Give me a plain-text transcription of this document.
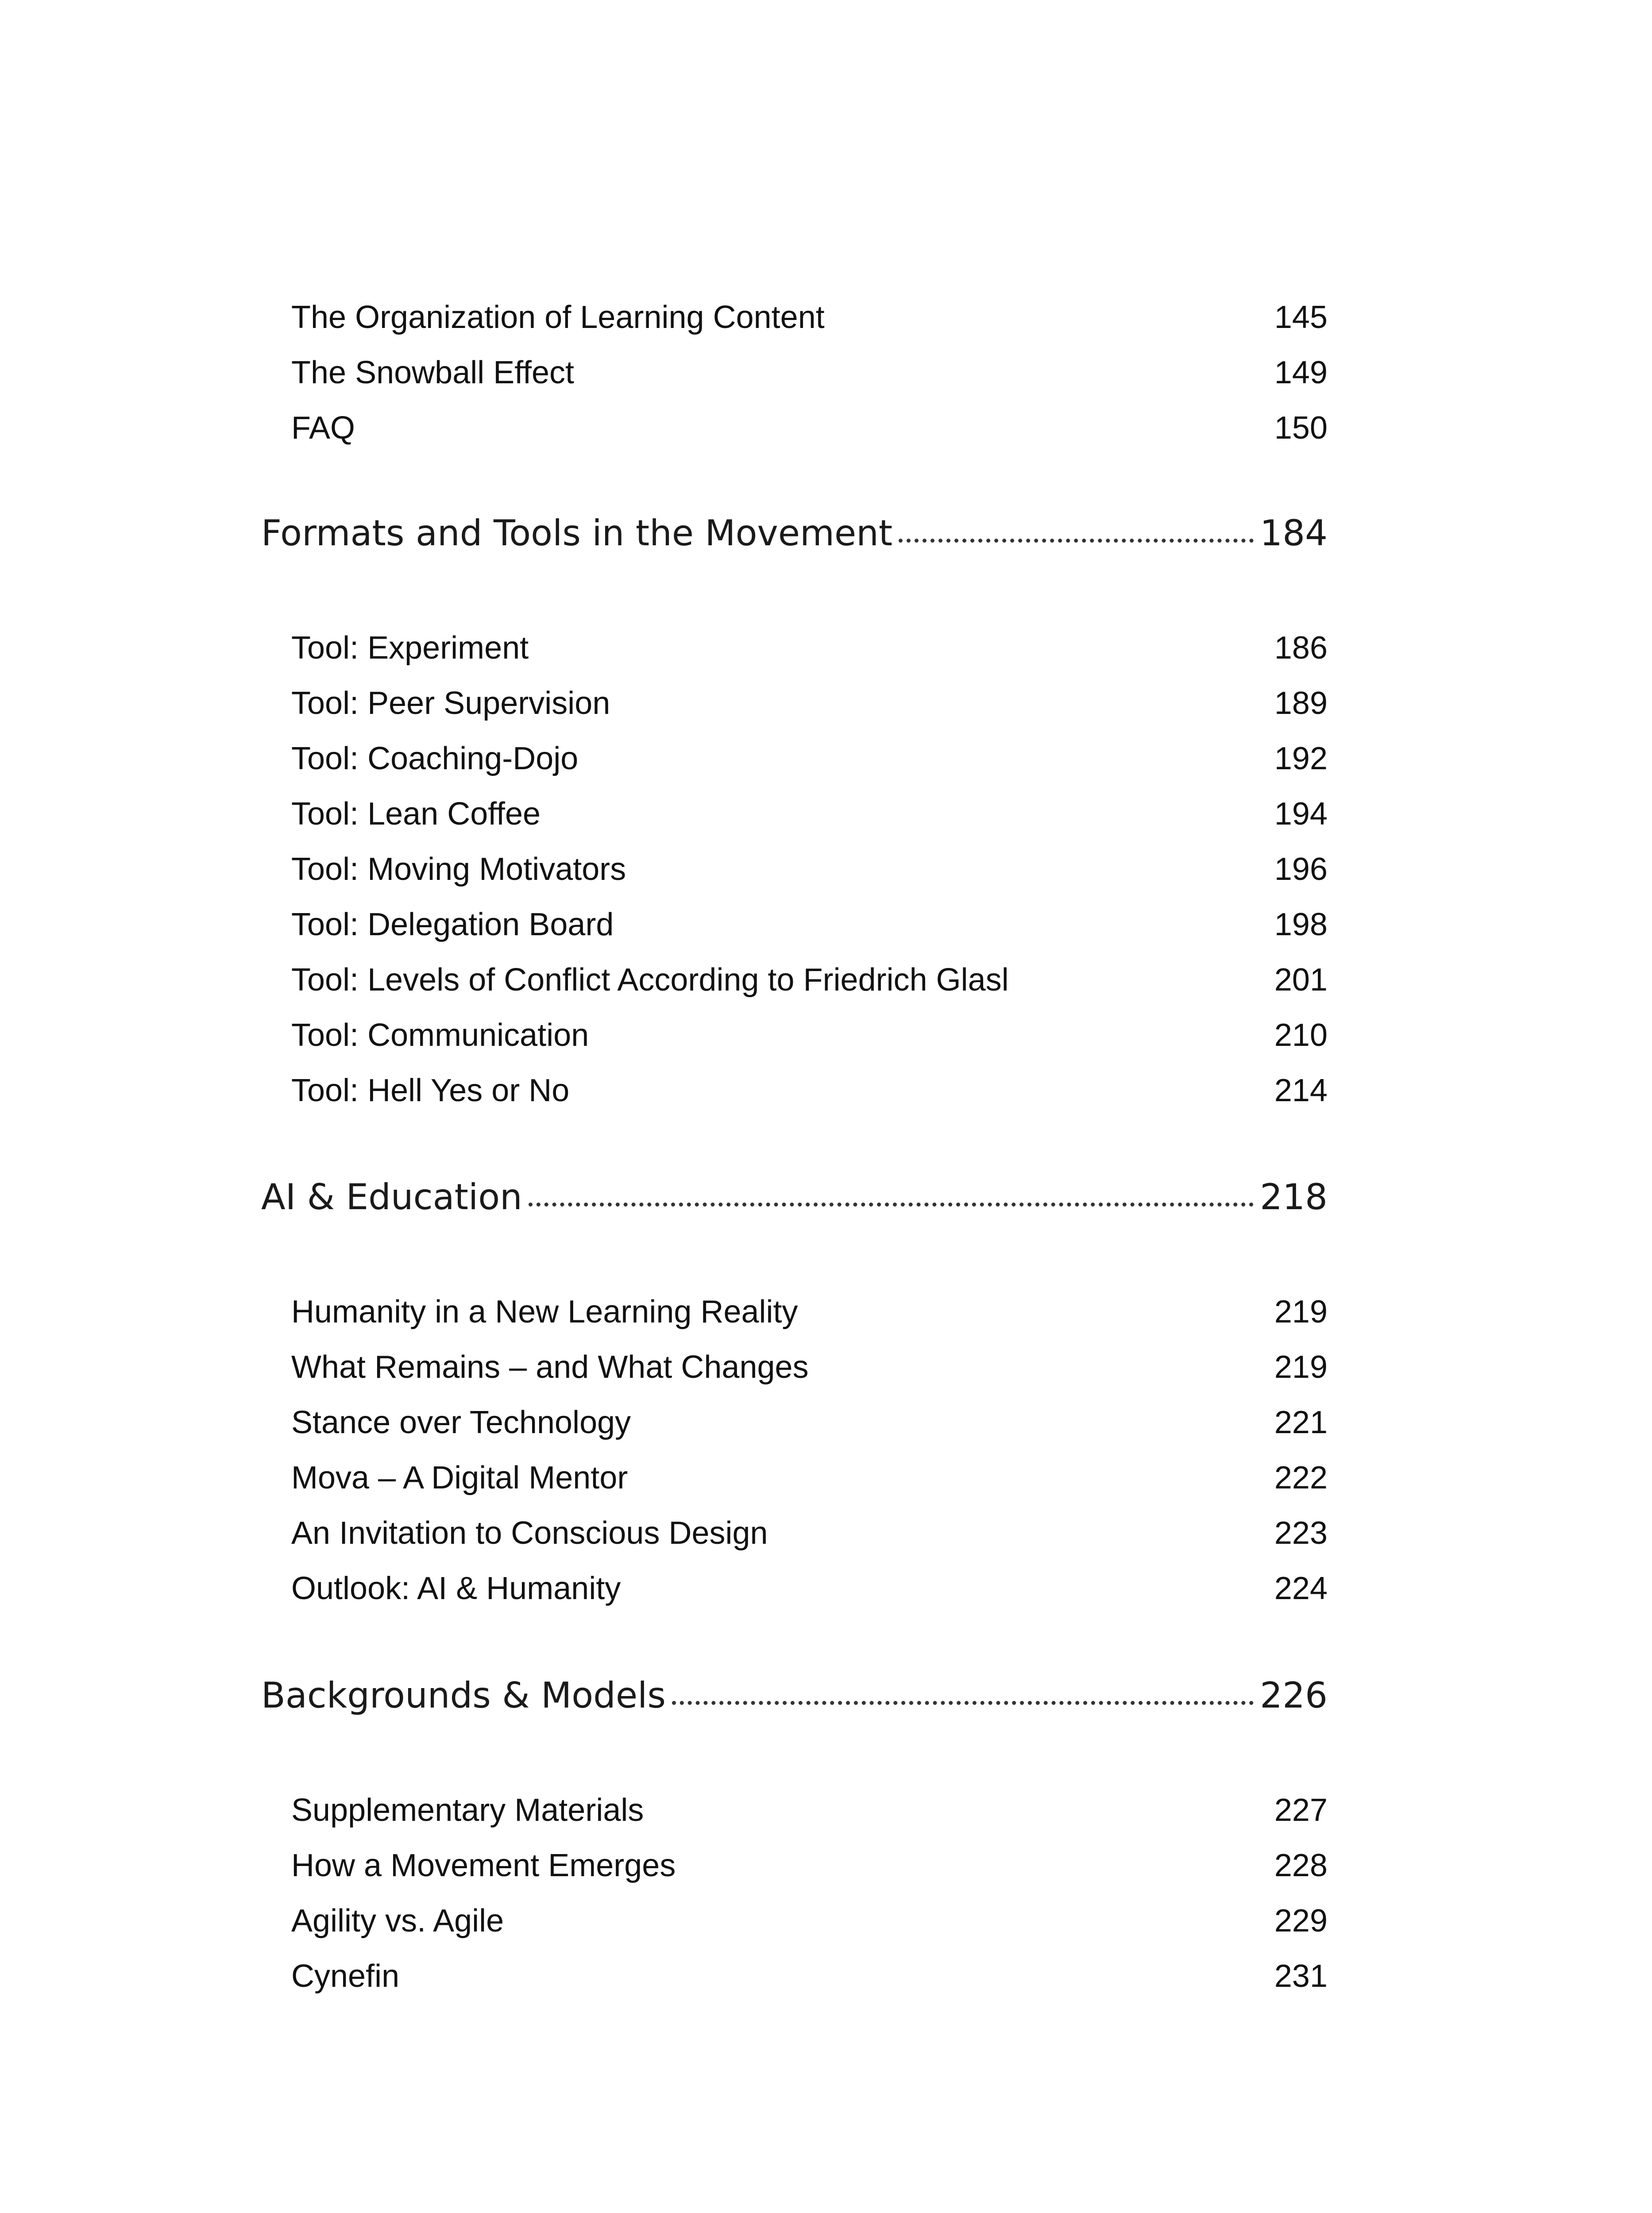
The Organization of Learning Content	145
The Snowball Effect	149
FAQ	150
Formats and Tools in the Movement	184
Tool: Experiment	186
Tool: Peer Supervision	189
Tool: Coaching-Dojo	192
Tool: Lean Coffee	194
Tool: Moving Motivators	196
Tool: Delegation Board	198
Tool: Levels of Conflict According to Friedrich Glasl	201
Tool: Communication	210
Tool: Hell Yes or No	214
AI & Education	218
Humanity in a New Learning Reality	219
What Remains – and What Changes	219
Stance over Technology	221
Mova – A Digital Mentor	222
An Invitation to Conscious Design	223
Outlook: AI & Humanity	224
Backgrounds & Models	226
Supplementary Materials	227
How a Movement Emerges	228
Agility vs. Agile	229
Cynefin	231
